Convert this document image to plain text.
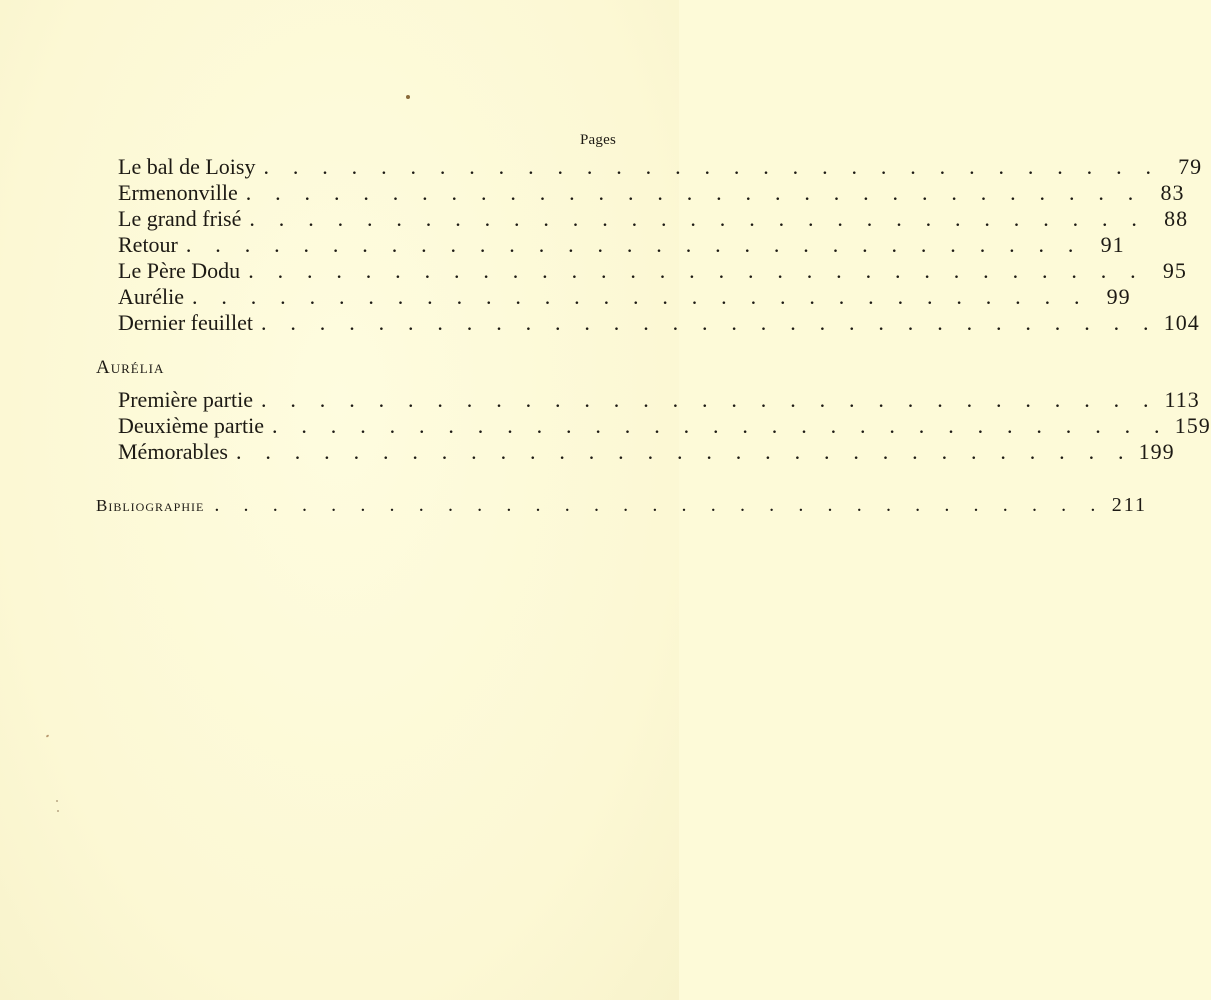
Pages
Le bal de Loisy . . . . . . . . . . . . . . . . . . . . . . . . . . . . . . . 79
Ermenonville . . . . . . . . . . . . . . . . . . . . . . . . . . . . . . . 83
Le grand frisé . . . . . . . . . . . . . . . . . . . . . . . . . . . . . . . 88
Retour . . . . . . . . . . . . . . . . . . . . . . . . . . . . . . . 91
Le Père Dodu . . . . . . . . . . . . . . . . . . . . . . . . . . . . . . . 95
Aurélie . . . . . . . . . . . . . . . . . . . . . . . . . . . . . . . 99
Dernier feuillet . . . . . . . . . . . . . . . . . . . . . . . . . . . . . . . 104
Aurélia
Première partie . . . . . . . . . . . . . . . . . . . . . . . . . . . . . . . 113
Deuxième partie . . . . . . . . . . . . . . . . . . . . . . . . . . . . . . . 159
Mémorables . . . . . . . . . . . . . . . . . . . . . . . . . . . . . . . 199
Bibliographie . . . . . . . . . . . . . . . . . . . . . . . . . . . . . . . 211
